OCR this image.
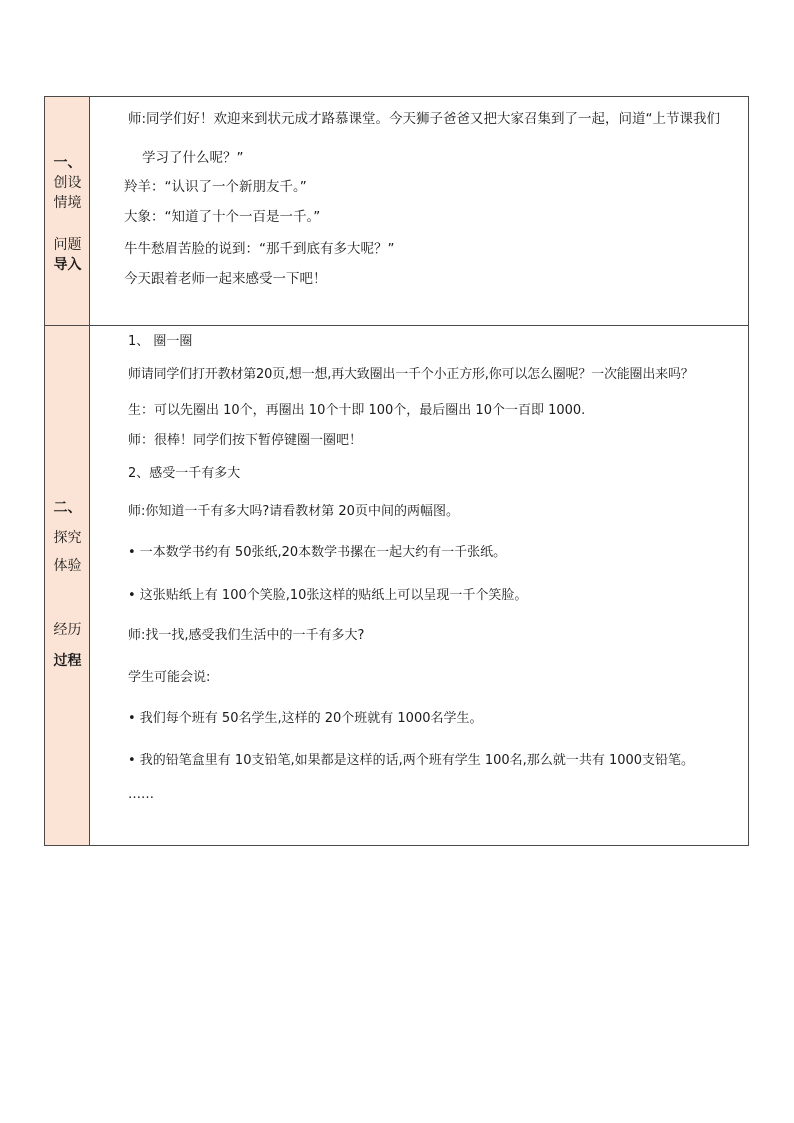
一、
创设
情境
问题
导入
师:同学们好！欢迎来到状元成才路慕课堂。今天狮子爸爸又把大家召集到了一起，问道“上节课我们
学习了什么呢？”
羚羊：“认识了一个新朋友千。”
大象：“知道了十个一百是一千。”
牛牛愁眉苦脸的说到：“那千到底有多大呢？”
今天跟着老师一起来感受一下吧！
二、
探究
体验
经历
过程
1、 圈一圈
师请同学们打开教材第20页,想一想,再大致圈出一千个小正方形,你可以怎么圈呢？一次能圈出来吗？
生：可以先圈出 10个，再圈出 10个十即 100个，最后圈出 10个一百即 1000.
师：很棒！同学们按下暂停键圈一圈吧！
2、感受一千有多大
师:你知道一千有多大吗?请看教材第 20页中间的两幅图。
• 一本数学书约有 50张纸,20本数学书摞在一起大约有一千张纸。
• 这张贴纸上有 100个笑脸,10张这样的贴纸上可以呈现一千个笑脸。
师:找一找,感受我们生活中的一千有多大?
学生可能会说:
• 我们每个班有 50名学生,这样的 20个班就有 1000名学生。
• 我的铅笔盒里有 10支铅笔,如果都是这样的话,两个班有学生 100名,那么就一共有 1000支铅笔。
……
